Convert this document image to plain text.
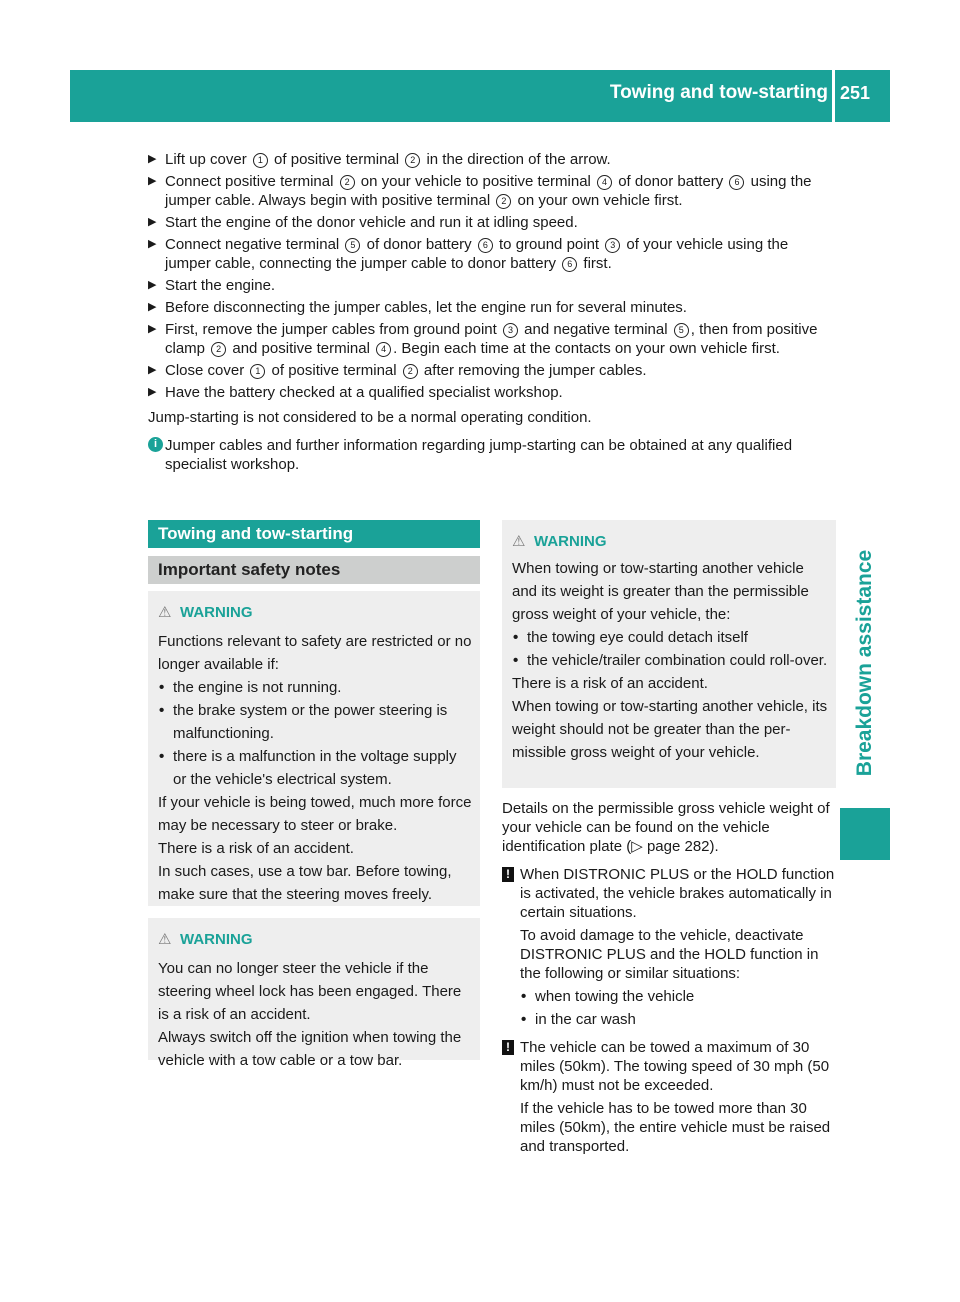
Towing and tow-starting 251
Breakdown assistance
▶ Lift up cover 1 of positive terminal 2 in the direction of the arrow.
▶ Connect positive terminal 2 on your vehicle to positive terminal 4 of donor battery 6 using the jumper cable. Always begin with positive terminal 2 on your own vehicle first.
▶ Start the engine of the donor vehicle and run it at idling speed.
▶ Connect negative terminal 5 of donor battery 6 to ground point 3 of your vehicle using the jumper cable, connecting the jumper cable to donor battery 6 first.
▶ Start the engine.
▶ Before disconnecting the jumper cables, let the engine run for several minutes.
▶ First, remove the jumper cables from ground point 3 and negative terminal 5 , then from positive clamp 2 and positive terminal 4 . Begin each time at the contacts on your own vehicle first.
▶ Close cover 1 of positive terminal 2 after removing the jumper cables.
▶ Have the battery checked at a qualified specialist workshop.
Jump-starting is not considered to be a normal operating condition.
i Jumper cables and further information regarding jump-starting can be obtained at any qualified specialist workshop.
Towing and tow-starting
Important safety notes
⚠ WARNING
Functions relevant to safety are restricted or no longer available if:
• the engine is not running.
• the brake system or the power steering is malfunctioning.
• there is a malfunction in the voltage supply or the vehicle's electrical system.
If your vehicle is being towed, much more force may be necessary to steer or brake.
There is a risk of an accident.
In such cases, use a tow bar. Before towing, make sure that the steering moves freely.
⚠ WARNING
You can no longer steer the vehicle if the steering wheel lock has been engaged. There is a risk of an accident.
Always switch off the ignition when towing the vehicle with a tow cable or a tow bar.
⚠ WARNING
When towing or tow-starting another vehicle and its weight is greater than the permissible gross weight of your vehicle, the:
• the towing eye could detach itself
• the vehicle/trailer combination could roll-over.
There is a risk of an accident.
When towing or tow-starting another vehicle, its weight should not be greater than the per-missible gross weight of your vehicle.
Details on the permissible gross vehicle weight of your vehicle can be found on the vehicle identification plate (▷ page 282).
! When DISTRONIC PLUS or the HOLD function is activated, the vehicle brakes automatically in certain situations.
To avoid damage to the vehicle, deactivate DISTRONIC PLUS and the HOLD function in the following or similar situations:
• when towing the vehicle
• in the car wash
! The vehicle can be towed a maximum of 30 miles (50km). The towing speed of 30 mph (50 km/h) must not be exceeded.
If the vehicle has to be towed more than 30 miles (50km), the entire vehicle must be raised and transported.
